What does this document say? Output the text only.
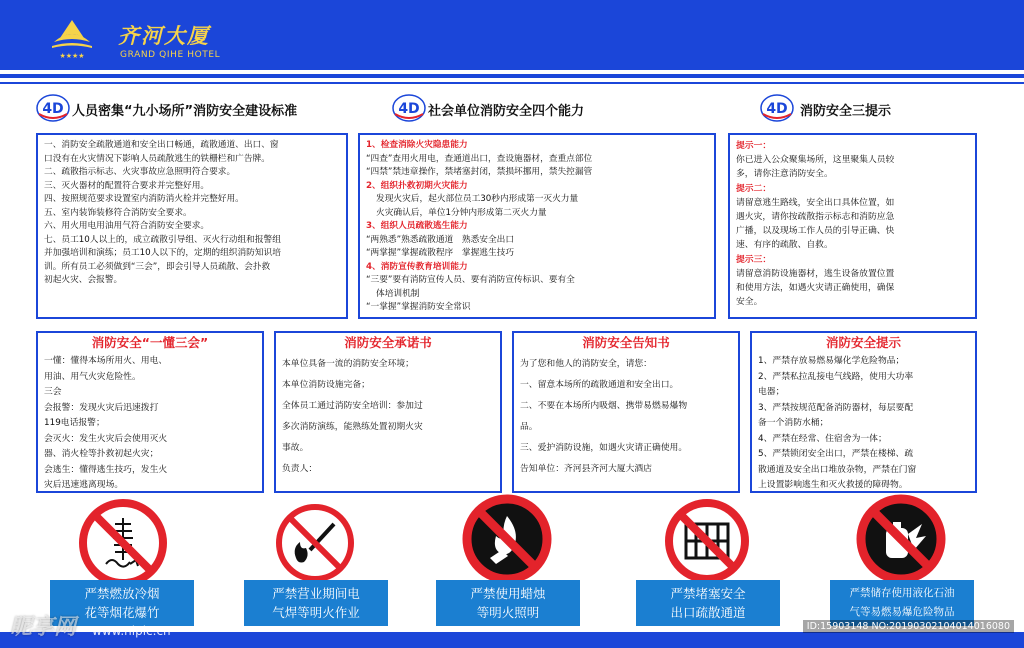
★★★★
齐河大厦
GRAND QIHE HOTEL
4D 人员密集“九小场所”消防安全建设标准	4D 社会单位消防安全四个能力	4D 消防安全三提示
一、消防安全疏散通道和安全出口畅通，疏散通道、出口、窗
口没有在火灾情况下影响人员疏散逃生的铁栅栏和广告牌。
二、疏散指示标志、火灾事故应急照明符合要求。
三、灭火器材的配置符合要求并完整好用。
四、按照规范要求设置室内消防消火栓并完整好用。
五、室内装饰装修符合消防安全要求。
六、用火用电用油用气符合消防安全要求。
七、员工10人以上的，成立疏散引导组、灭火行动组和报警组
并加强培训和演练；员工10人以下的，定期的组织消防知识培
训。所有员工必须做到“三会”，即会引导人员疏散、会扑救
初起火灾、会报警。
1、检查消除火灾隐患能力
“四查”查用火用电，查通道出口，查设施器材，查重点部位
“四禁”禁违章操作，禁堵塞封闭，禁损坏挪用，禁失控漏管
2、组织扑救初期火灾能力
发现火灾后，起火部位员工30秒内形成第一灭火力量
火灾确认后，单位1分钟内形成第二灭火力量
3、组织人员疏散逃生能力
“两熟悉”熟悉疏散通道　熟悉安全出口
“两掌握”掌握疏散程序　掌握逃生技巧
4、消防宣传教育培训能力
“三要”要有消防宣传人员、要有消防宣传标识、要有全
体培训机制
“一掌握”掌握消防安全常识
提示一：
你已进入公众聚集场所，这里聚集人员较
多，请你注意消防安全。
提示二：
请留意逃生路线，安全出口具体位置，如
遇火灾，请你按疏散指示标志和消防应急
广播，以及现场工作人员的引导正确、快
速、有序的疏散、自救。
提示三：
请留意消防设施器材，逃生设备放置位置
和使用方法，如遇火灾请正确使用，确保
安全。
消防安全“一懂三会”
一懂：懂得本场所用火、用电、
用油、用气火灾危险性。
三会
会报警：发现火灾后迅速拨打
119电话报警；
会灭火：发生火灾后会使用灭火
器、消火栓等扑救初起火灾；
会逃生：懂得逃生技巧，发生火
灾后迅速逃离现场。
消防安全承诺书
本单位具备一流的消防安全环境；
本单位消防设施完备；
全体员工通过消防安全培训：参加过
多次消防演练，能熟练处置初期火灾
事故。
负责人：
消防安全告知书
为了您和他人的消防安全，请您：
一、留意本场所的疏散通道和安全出口。
二、不要在本场所内吸烟、携带易燃易爆物
品。
三、爱护消防设施，如遇火灾请正确使用。
告知单位：齐河县齐河大厦大酒店
消防安全提示
1、严禁存放易燃易爆化学危险物品；
2、严禁私拉乱接电气线路，使用大功率
电器；
3、严禁按规范配备消防器材，每层要配
备一个消防水桶；
4、严禁在经常、住宿舍为一体；
5、严禁锁闭安全出口，严禁在楼梯、疏
散通道及安全出口堆放杂物，严禁在门窗
上设置影响逃生和灭火救援的障碍物。
严禁燃放冷烟
花等烟花爆竹
严禁营业期间电
气焊等明火作业
严禁使用蜡烛
等明火照明
严禁堵塞安全
出口疏散通道
严禁储存使用液化石油
气等易燃易爆危险物品
昵享网 www.nipic.cn	ID:15903148 NO:20190302104014016080
